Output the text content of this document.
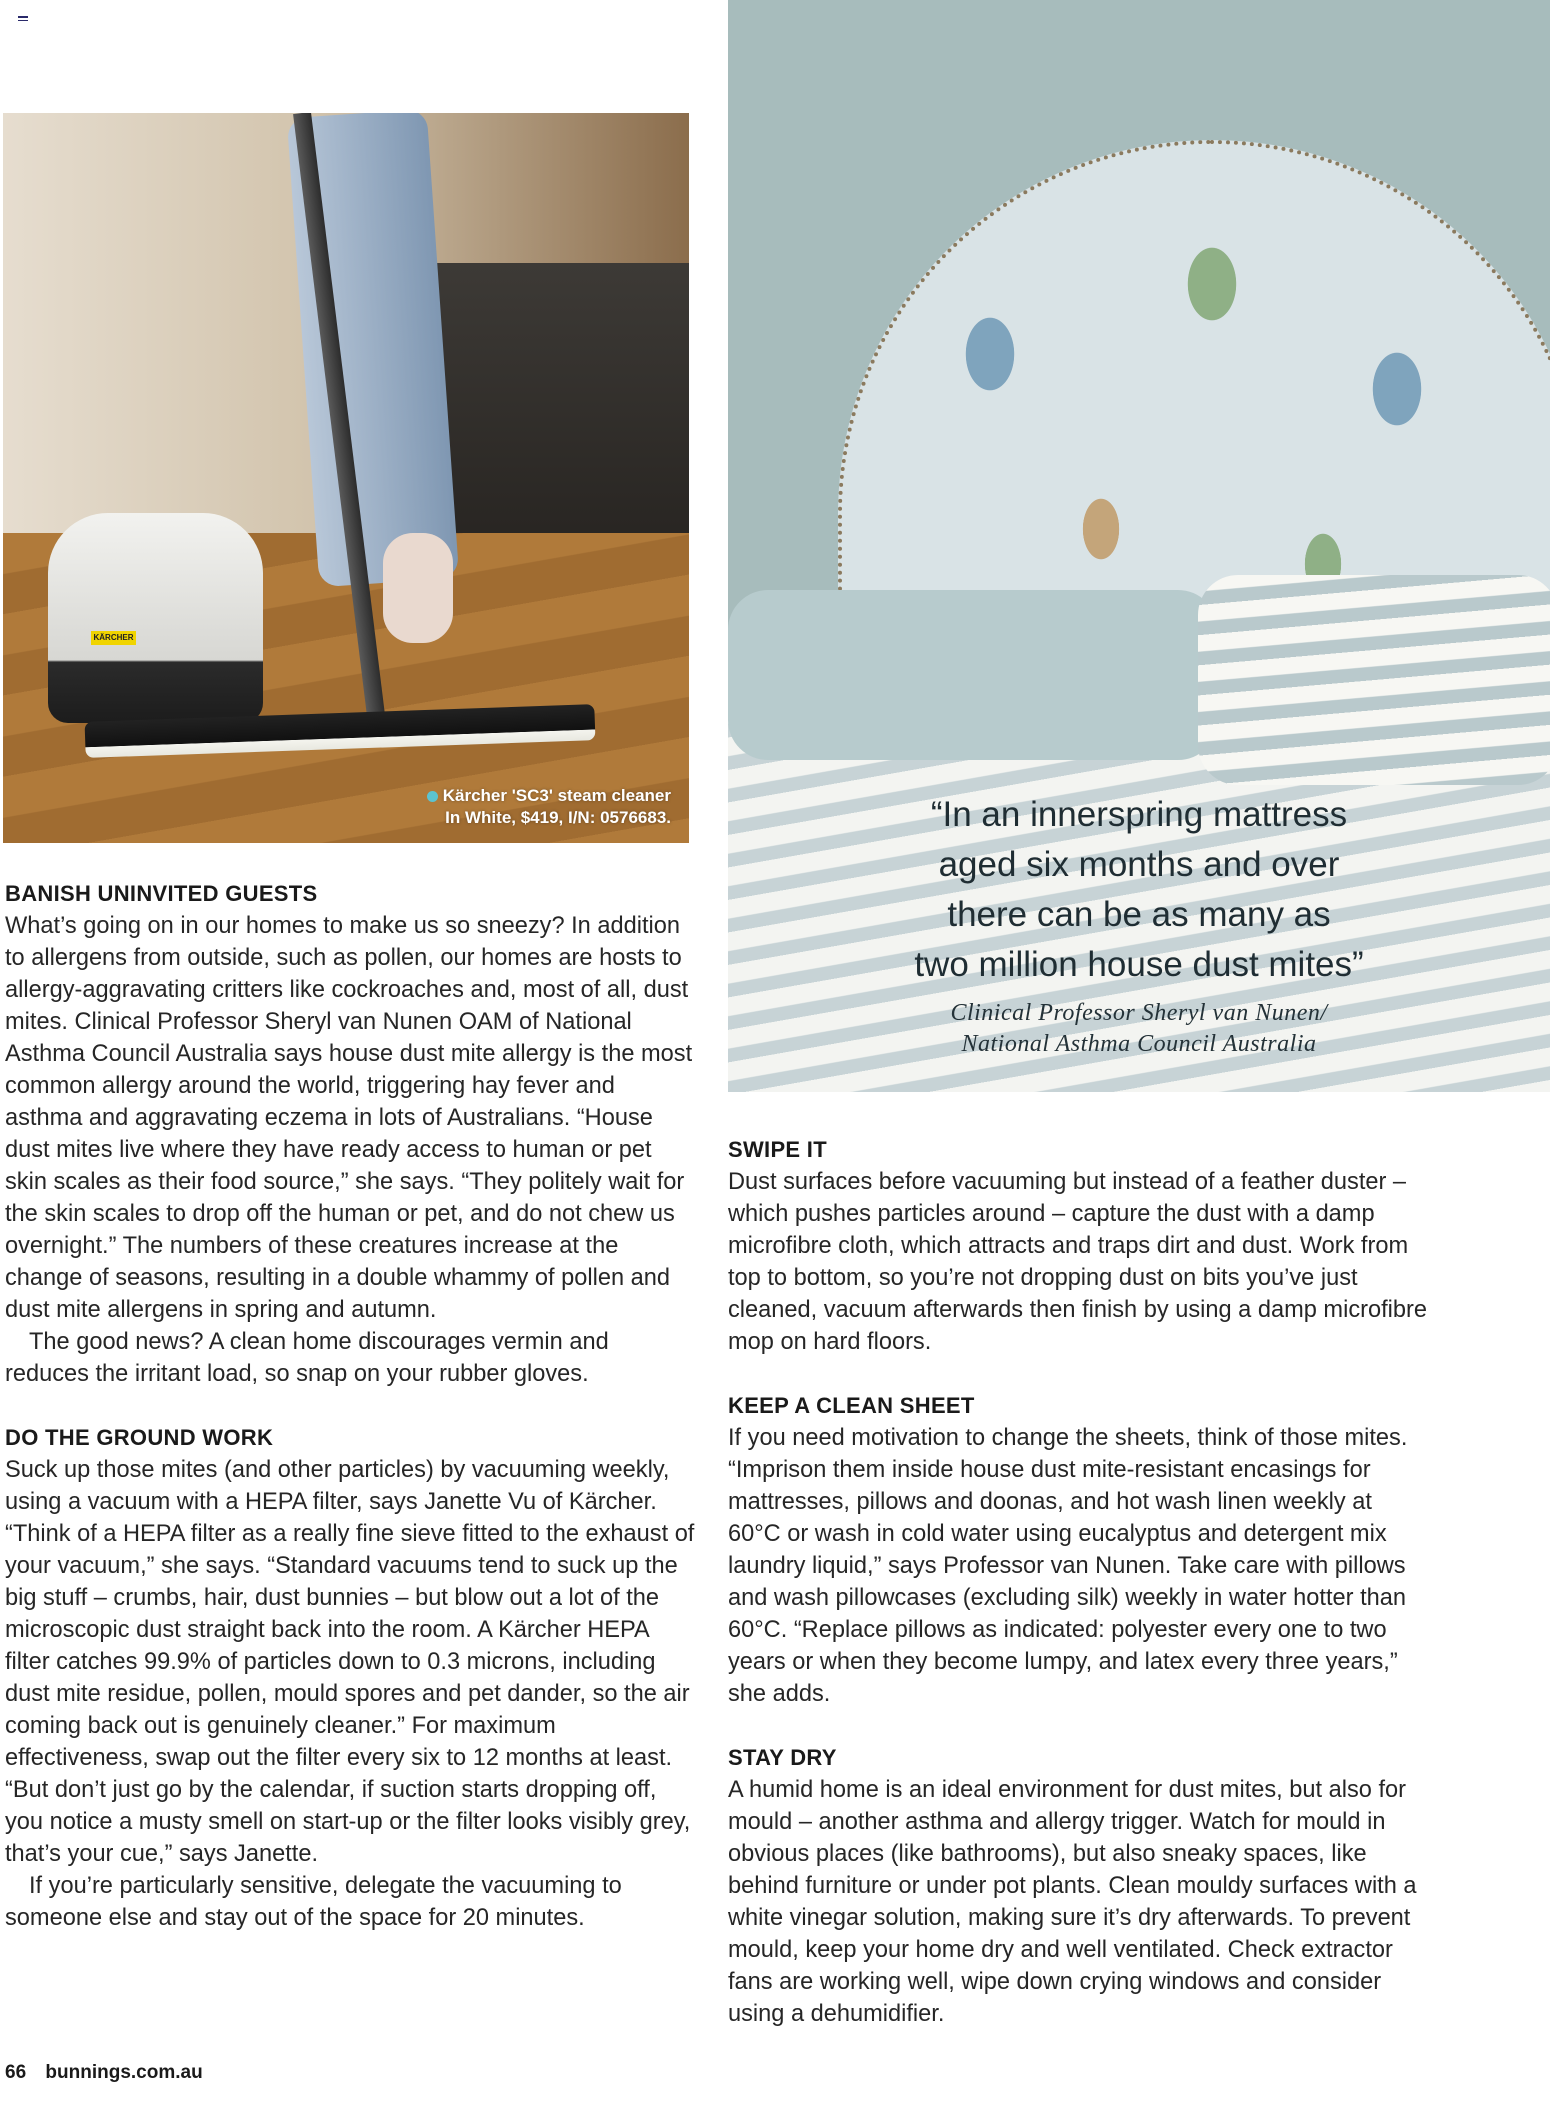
KÄRCHER
Kärcher 'SC3' steam cleaner
In White, $419, I/N: 0576683.	“In an innerspring mattress
aged six months and over
there can be as many as
two million house dust mites”
Clinical Professor Sheryl van Nunen/
National Asthma Council Australia
BANISH UNINVITED GUESTS

What’s going on in our homes to make us so sneezy? In addition to allergens from outside, such as pollen, our homes are hosts to allergy-aggravating critters like cockroaches and, most of all, dust mites. Clinical Professor Sheryl van Nunen OAM of National Asthma Council Australia says house dust mite allergy is the most common allergy around the world, triggering hay fever and asthma and aggravating eczema in lots of Australians. “House dust mites live where they have ready access to human or pet skin scales as their food source,” she says. “They politely wait for the skin scales to drop off the human or pet, and do not chew us overnight.” The numbers of these creatures increase at the change of seasons, resulting in a double whammy of pollen and dust mite allergens in spring and autumn.

The good news? A clean home discourages vermin and reduces the irritant load, so snap on your rubber gloves.

DO THE GROUND WORK

Suck up those mites (and other particles) by vacuuming weekly, using a vacuum with a HEPA filter, says Janette Vu of Kärcher. “Think of a HEPA filter as a really fine sieve fitted to the exhaust of your vacuum,” she says. “Standard vacuums tend to suck up the big stuff – crumbs, hair, dust bunnies – but blow out a lot of the microscopic dust straight back into the room. A Kärcher HEPA filter catches 99.9% of particles down to 0.3 microns, including dust mite residue, pollen, mould spores and pet dander, so the air coming back out is genuinely cleaner.” For maximum effectiveness, swap out the filter every six to 12 months at least. “But don’t just go by the calendar, if suction starts dropping off, you notice a musty smell on start-up or the filter looks visibly grey, that’s your cue,” says Janette.

If you’re particularly sensitive, delegate the vacuuming to someone else and stay out of the space for 20 minutes.

SWIPE IT

Dust surfaces before vacuuming but instead of a feather duster – which pushes particles around – capture the dust with a damp microfibre cloth, which attracts and traps dirt and dust. Work from top to bottom, so you’re not dropping dust on bits you’ve just cleaned, vacuum afterwards then finish by using a damp microfibre mop on hard floors.

KEEP A CLEAN SHEET

If you need motivation to change the sheets, think of those mites. “Imprison them inside house dust mite-resistant encasings for mattresses, pillows and doonas, and hot wash linen weekly at 60°C or wash in cold water using eucalyptus and detergent mix laundry liquid,” says Professor van Nunen. Take care with pillows and wash pillowcases (excluding silk) weekly in water hotter than 60°C. “Replace pillows as indicated: polyester every one to two years or when they become lumpy, and latex every three years,” she adds.

STAY DRY

A humid home is an ideal environment for dust mites, but also for mould – another asthma and allergy trigger. Watch for mould in obvious places (like bathrooms), but also sneaky spaces, like behind furniture or under pot plants. Clean mouldy surfaces with a white vinegar solution, making sure it’s dry afterwards. To prevent mould, keep your home dry and well ventilated. Check extractor fans are working well, wipe down crying windows and consider using a dehumidifier.

66 bunnings.com.au
